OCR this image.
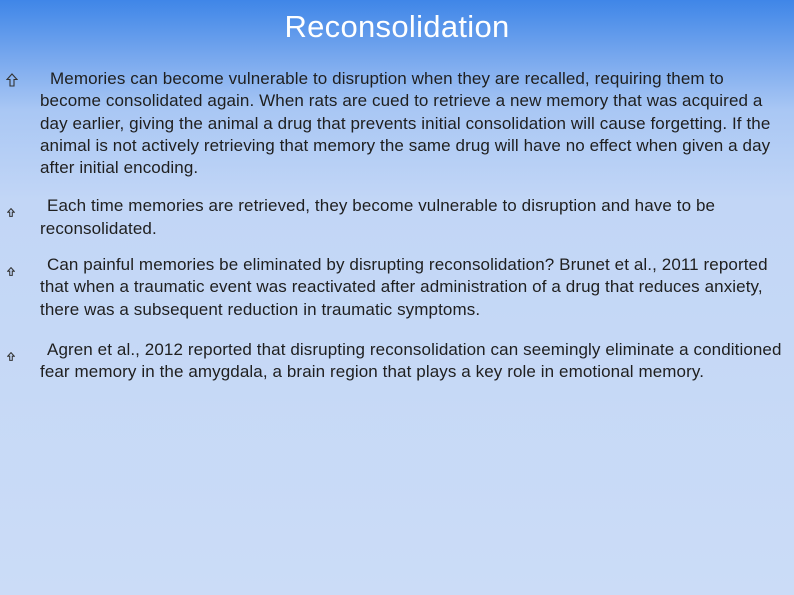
Reconsolidation
Memories can become vulnerable to disruption when they are recalled, requiring them to become consolidated again. When rats are cued to retrieve a new memory that was acquired a day earlier, giving the animal a drug that prevents initial consolidation will cause forgetting. If the animal is not actively retrieving that memory the same drug will have no effect when given a day after initial encoding.
Each time memories are retrieved, they become vulnerable to disruption and have to be reconsolidated.
Can painful memories be eliminated by disrupting reconsolidation? Brunet et al., 2011 reported that when a traumatic event was reactivated after administration of a drug that reduces anxiety, there was a subsequent reduction in traumatic symptoms.
Agren et al., 2012 reported that disrupting reconsolidation can seemingly eliminate a conditioned fear memory in the amygdala, a brain region that plays a key role in emotional memory.
